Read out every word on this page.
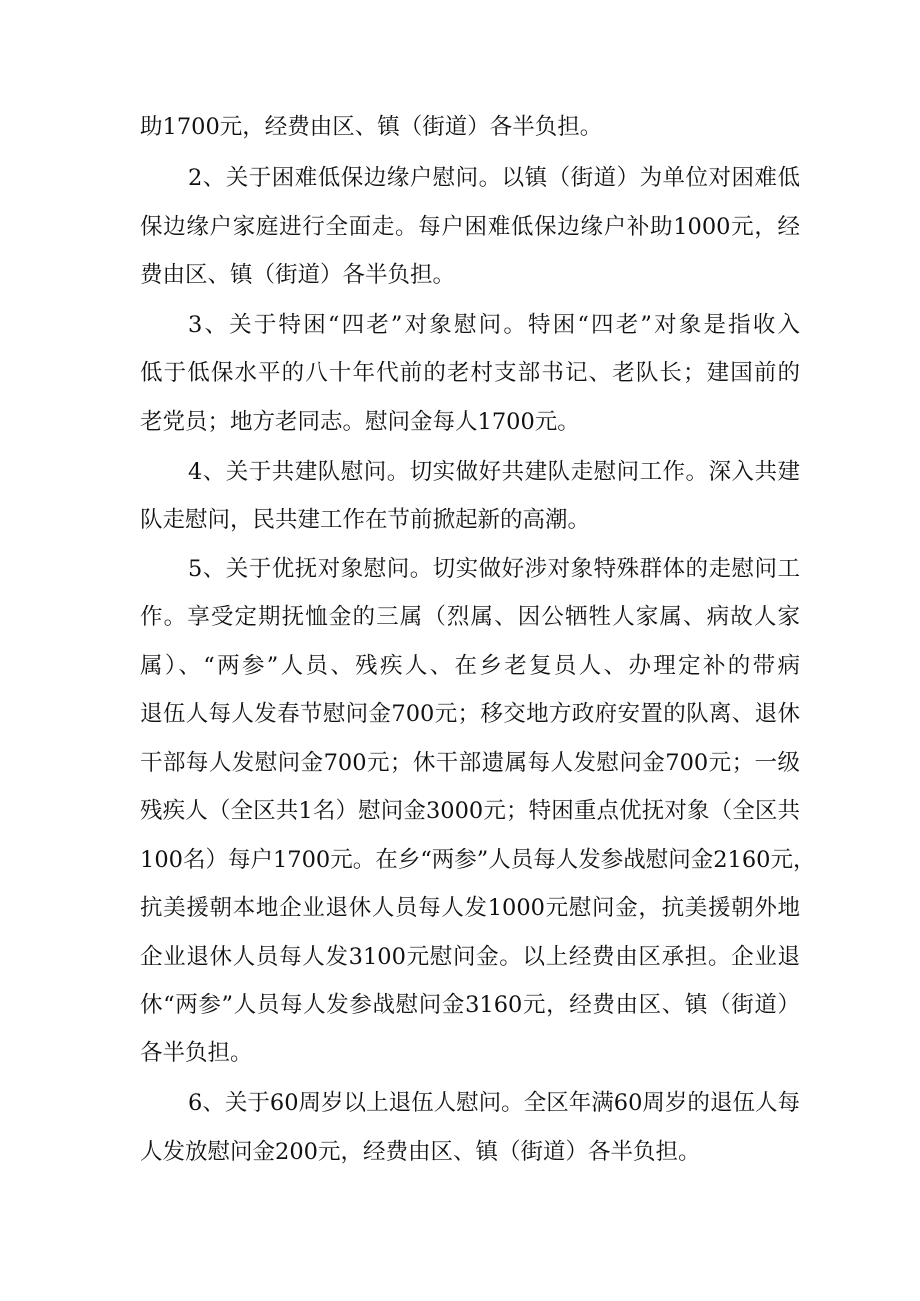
助1700元，经费由区、镇（街道）各半负担。
2、关于困难低保边缘户慰问。以镇（街道）为单位对困难低
保边缘户家庭进行全面走。每户困难低保边缘户补助1000元，经
费由区、镇（街道）各半负担。
3、关于特困“四老”对象慰问。特困“四老”对象是指收入
低于低保水平的八十年代前的老村支部书记、老队长；建国前的
老党员；地方老同志。慰问金每人1700元。
4、关于共建队慰问。切实做好共建队走慰问工作。深入共建
队走慰问，民共建工作在节前掀起新的高潮。
5、关于优抚对象慰问。切实做好涉对象特殊群体的走慰问工
作。享受定期抚恤金的三属（烈属、因公牺牲人家属、病故人家
属）、“两参”人员、残疾人、在乡老复员人、办理定补的带病
退伍人每人发春节慰问金700元；移交地方政府安置的队离、退休
干部每人发慰问金700元；休干部遗属每人发慰问金700元；一级
残疾人（全区共1名）慰问金3000元；特困重点优抚对象（全区共
100名）每户1700元。在乡“两参”人员每人发参战慰问金2160元，
抗美援朝本地企业退休人员每人发1000元慰问金，抗美援朝外地
企业退休人员每人发3100元慰问金。以上经费由区承担。企业退
休“两参”人员每人发参战慰问金3160元，经费由区、镇（街道）
各半负担。
6、关于60周岁以上退伍人慰问。全区年满60周岁的退伍人每
人发放慰问金200元，经费由区、镇（街道）各半负担。
